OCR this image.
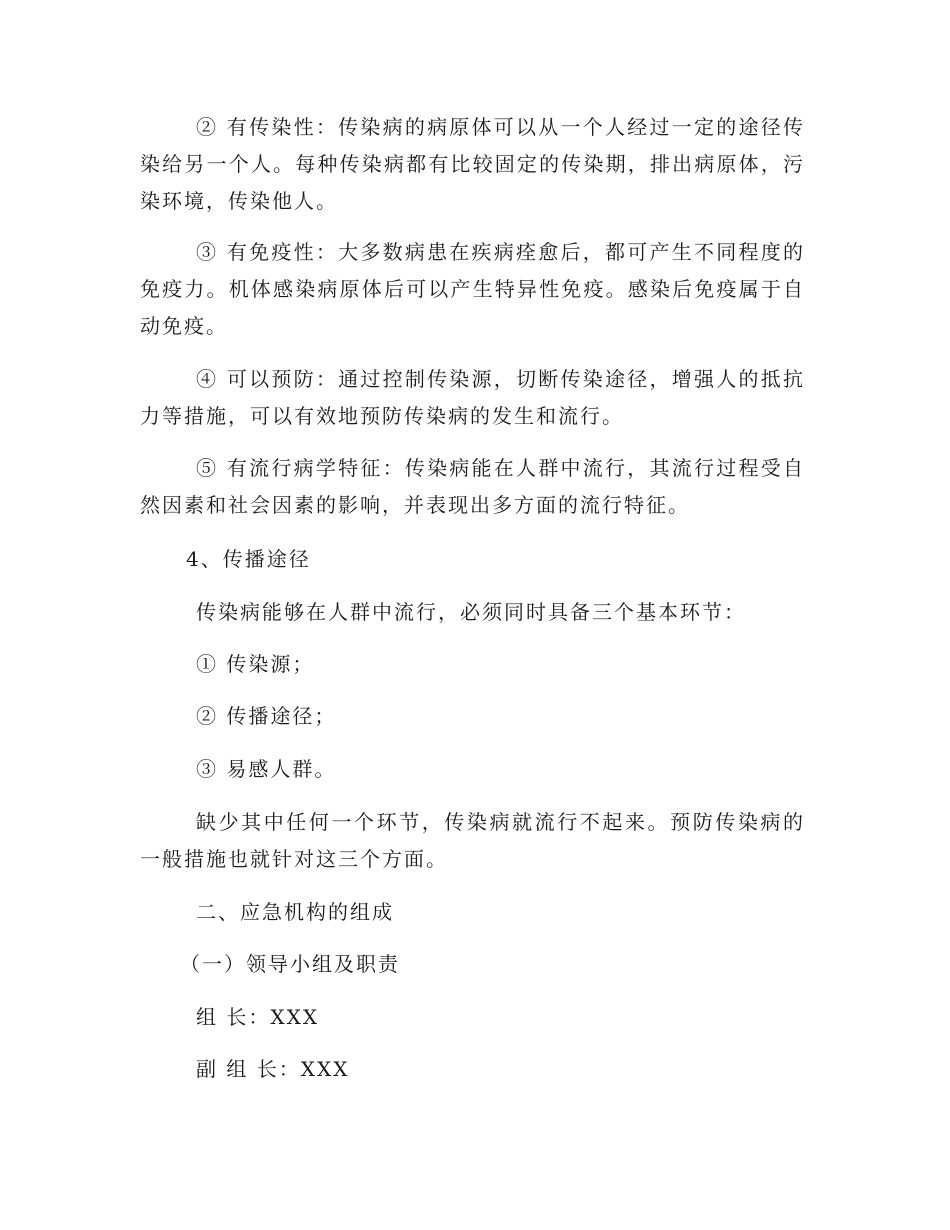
② 有传染性：传染病的病原体可以从一个人经过一定的途径传染给另一个人。每种传染病都有比较固定的传染期，排出病原体，污染环境，传染他人。

③ 有免疫性：大多数病患在疾病痊愈后，都可产生不同程度的免疫力。机体感染病原体后可以产生特异性免疫。感染后免疫属于自动免疫。

④ 可以预防：通过控制传染源，切断传染途径，增强人的抵抗力等措施，可以有效地预防传染病的发生和流行。

⑤ 有流行病学特征：传染病能在人群中流行，其流行过程受自然因素和社会因素的影响，并表现出多方面的流行特征。

4、传播途径
传染病能够在人群中流行，必须同时具备三个基本环节：
① 传染源；
② 传播途径；
③ 易感人群。

缺少其中任何一个环节，传染病就流行不起来。预防传染病的一般措施也就针对这三个方面。

二、应急机构的组成
（一）领导小组及职责
组 长：XXX
副 组 长：XXX
